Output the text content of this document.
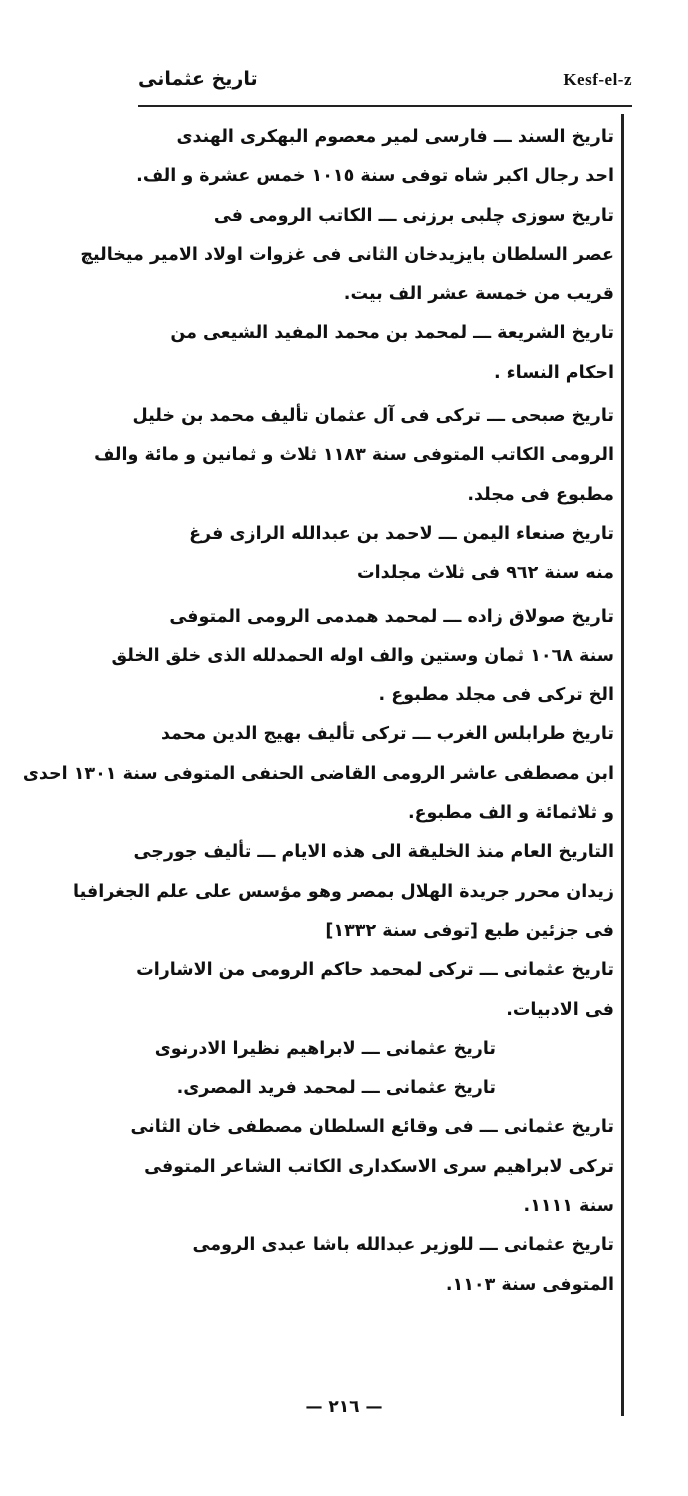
تاريخ عثمانى	Kesf-el-z
تاريخ السند ـــ فارسى لمير معصوم البهكرى الهندى
احد رجال اكبر شاه توفى سنة ١٠١٥ خمس عشرة و الف.
تاريخ سوزى چلبى برزنى ـــ الكاتب الرومى فى
عصر السلطان بايزيدخان الثانى فى غزوات اولاد الامير ميخاليچ
قريب من خمسة عشر الف بيت.
تاريخ الشريعة ـــ لمحمد بن محمد المفيد الشيعى من
احكام النساء .
تاريخ صبحى ـــ تركى فى آل عثمان تأليف محمد بن خليل
الرومى الكاتب المتوفى سنة ١١٨٣ ثلاث و ثمانين و مائة والف
مطبوع فى مجلد.
تاريخ صنعاء اليمن ـــ لاحمد بن عبدالله الرازى فرغ
منه سنة ٩٦٢ فى ثلاث مجلدات
تاريخ صولاق زاده ـــ لمحمد همدمى الرومى المتوفى
سنة ١٠٦٨ ثمان وستين والف اوله الحمدلله الذى خلق الخلق
الخ تركى فى مجلد مطبوع .
تاريخ طرابلس الغرب ـــ تركى تأليف بهيج الدين محمد
ابن مصطفى عاشر الرومى القاضى الحنفى المتوفى سنة ١٣٠١ احدى
و ثلاثمائة و الف مطبوع.
التاريخ العام منذ الخليقة الى هذه الايام ـــ تأليف جورجى
زيدان محرر جريدة الهلال بمصر وهو مؤسس على علم الجغرافيا
فى جزئين طبع [توفى سنة ١٣٣٢]
تاريخ عثمانى ـــ تركى لمحمد حاكم الرومى من الاشارات
فى الادبيات.
تاريخ عثمانى ـــ لابراهيم نظيرا الادرنوى
تاريخ عثمانى ـــ لمحمد فريد المصرى.
تاريخ عثمانى ـــ فى وقائع السلطان مصطفى خان الثانى
تركى لابراهيم سرى الاسكدارى الكاتب الشاعر المتوفى
سنة ١١١١.
تاريخ عثمانى ـــ للوزير عبدالله باشا عبدى الرومى
المتوفى سنة ١١٠٣.
— ٢١٦ —
